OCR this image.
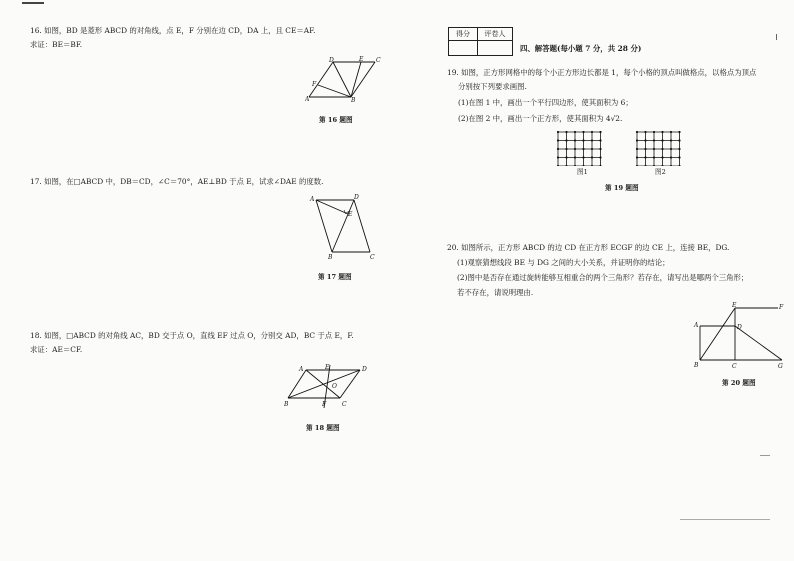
16. 如图，BD 是菱形 ABCD 的对角线，点 E，F 分别在边 CD，DA 上，且 CE＝AF.
求证：BE＝BF.
D	E C
F
A	B
第 16 题图
17. 如图，在□ABCD 中，DB＝CD，∠C＝70°，AE⊥BD 于点 E，试求∠DAE 的度数.
A	D
E
B	C
第 17 题图
18. 如图，□ABCD 的对角线 AC，BD 交于点 O，直线 EF 过点 O，分别交 AD，BC 于点 E，F.
求证：AE＝CF.
A	E	D
O
B	F	C
第 18 题图
得分	评卷人

四、解答题(每小题 7 分，共 28 分)
19. 如图，正方形网格中的每个小正方形边长都是 1，每个小格的顶点叫做格点，以格点为顶点
分别按下列要求画图.
(1)在图 1 中，画出一个平行四边形，使其面积为 6；
(2)在图 2 中，画出一个正方形，使其面积为 4√2.
图1	图2
第 19 题图
20. 如图所示，正方形 ABCD 的边 CD 在正方形 ECGF 的边 CE 上，连接 BE，DG.
(1)观察猜想线段 BE 与 DG 之间的大小关系，并证明你的结论；
(2)图中是否存在通过旋转能够互相重合的两个三角形？若存在，请写出是哪两个三角形；
若不存在，请说明理由.
A
E	F
D
B	C	G
第 20 题图
